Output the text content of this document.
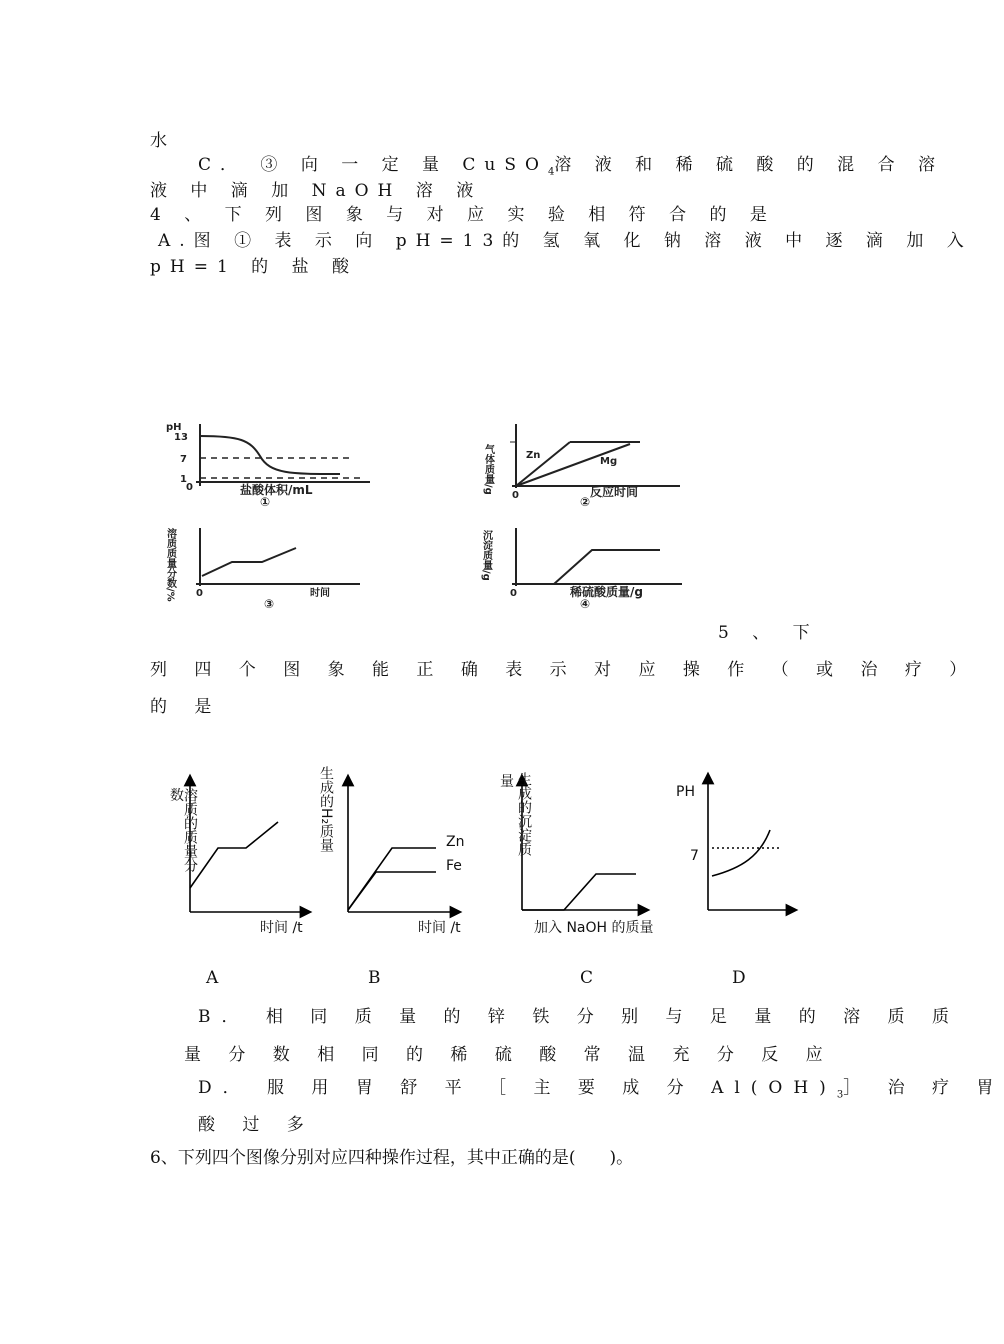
水
C． ③ 向 一 定 量 CuSO$_4$溶 液 和 稀 硫 酸 的 混 合 溶
液 中 滴 加 NaOH 溶 液
4 、 下 列 图 象 与 对 应 实 验 相 符 合 的 是
A.图 ① 表 示 向 pH=13的 氢 氧 化 钠 溶 液 中 逐 滴 加 入
pH=1 的 盐 酸
pH
13
7
1
0	盐酸体积/mL
①
气体质量/g	Zn
Mg
0	反应时间
②
溶质质量分数/% 0	时间
③
沉淀质量/g
0	稀硫酸质量/g
④
5 、 下
列 四 个 图 象 能 正 确 表 示 对 应 操 作 （ 或 治 疗 ）
的 是
数
溶质的质量分
时间 /t
生成的H₂质量	Zn
Fe
时间 /t
量 生成的沉淀质
加入 NaOH 的质量
PH
7
A	B	C	D
B． 相 同 质 量 的 锌 铁 分 别 与 足 量 的 溶 质 质
量 分 数 相 同 的 稀 硫 酸 常 温 充 分 反 应
D． 服 用 胃 舒 平 ［ 主 要 成 分 $Al(OH)_3]$ 治 疗 胃
酸 过 多
6、下列四个图像分别对应四种操作过程，其中正确的是(　　)。
